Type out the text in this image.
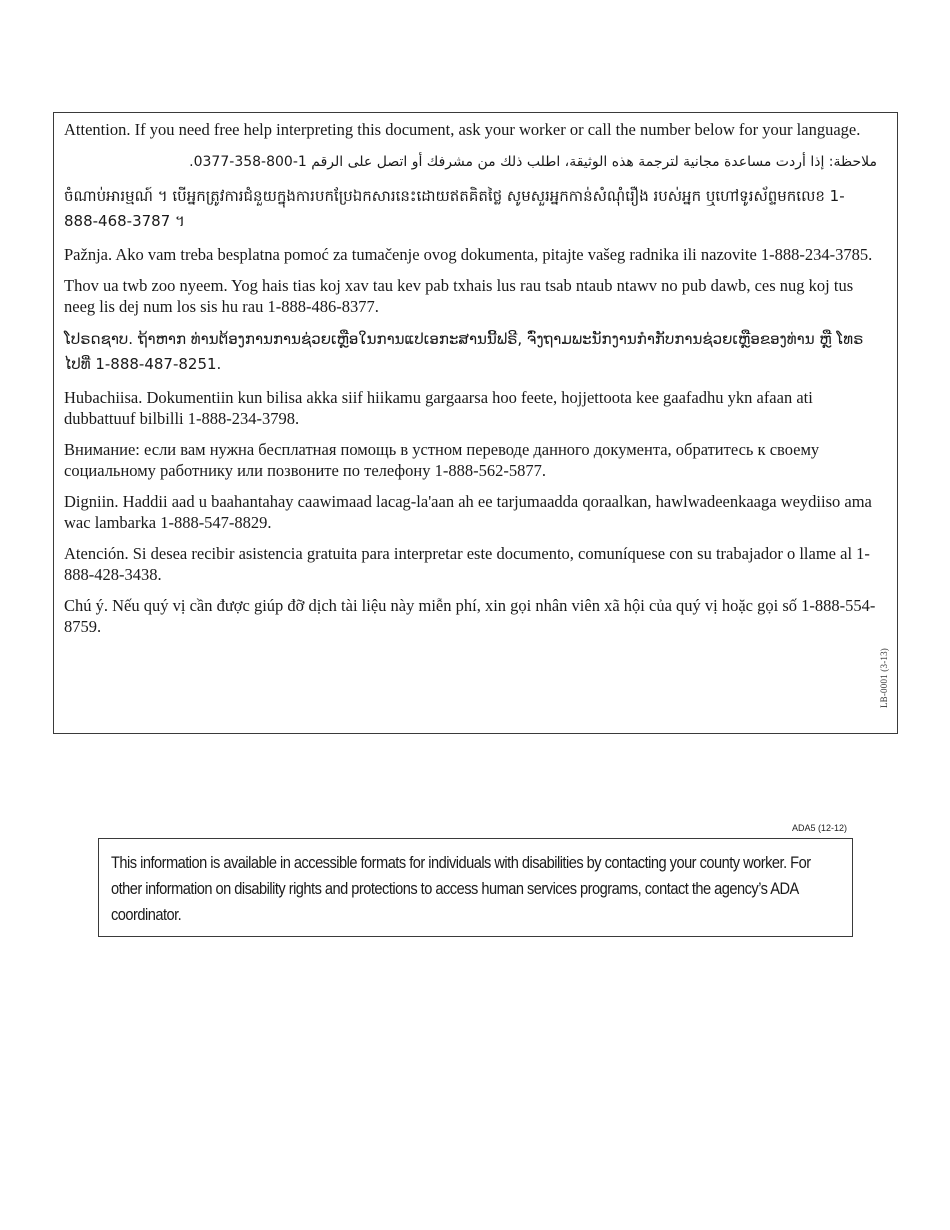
Attention. If you need free help interpreting this document, ask your worker or call the number below for your language.

ملاحظة: إذا أردت مساعدة مجانية لترجمة هذه الوثيقة، اطلب ذلك من مشرفك أو اتصل على الرقم 1-800-358-0377.

ចំណាប់អារម្មណ៍ ។ បើអ្នកត្រូវការជំនួយក្នុងការបកប្រែឯកសារនេះដោយឥតគិតថ្លៃ សូមសួរអ្នកកាន់សំណុំរឿង របស់អ្នក ឬហៅទូរស័ព្ទមកលេខ 1-888-468-3787 ។

Pažnja. Ako vam treba besplatna pomoć za tumačenje ovog dokumenta, pitajte vašeg radnika ili nazovite 1-888-234-3785.

Thov ua twb zoo nyeem. Yog hais tias koj xav tau kev pab txhais lus rau tsab ntaub ntawv no pub dawb, ces nug koj tus neeg lis dej num los sis hu rau 1-888-486-8377.

ໂປຣດຊາບ. ຖ້າຫາກ ທ່ານຕ້ອງການການຊ່ວຍເຫຼືອໃນການແປເອກະສານນີ້ຟຣີ, ຈົ່ງຖາມພະນັກງານກໍາກັບການຊ່ວຍເຫຼືອຂອງທ່ານ ຫຼື ໂທຣໄປທີ່ 1-888-487-8251.

Hubachiisa. Dokumentiin kun bilisa akka siif hiikamu gargaarsa hoo feete, hojjettoota kee gaafadhu ykn afaan ati dubbattuuf bilbilli 1-888-234-3798.

Внимание: если вам нужна бесплатная помощь в устном переводе данного документа, обратитесь к своему социальному работнику или позвоните по телефону 1-888-562-5877.

Digniin. Haddii aad u baahantahay caawimaad lacag-la'aan ah ee tarjumaadda qoraalkan, hawlwadeenkaaga weydiiso ama wac lambarka 1-888-547-8829.

Atención. Si desea recibir asistencia gratuita para interpretar este documento, comuníquese con su trabajador o llame al 1-888-428-3438.

Chú ý. Nếu quý vị cần được giúp đỡ dịch tài liệu này miễn phí, xin gọi nhân viên xã hội của quý vị hoặc gọi số 1-888-554-8759.

LB-0001 (3-13)
ADA5 (12-12)

This information is available in accessible formats for individuals with disabilities by contacting your county worker. For other information on disability rights and protections to access human services programs, contact the agency’s ADA coordinator.
